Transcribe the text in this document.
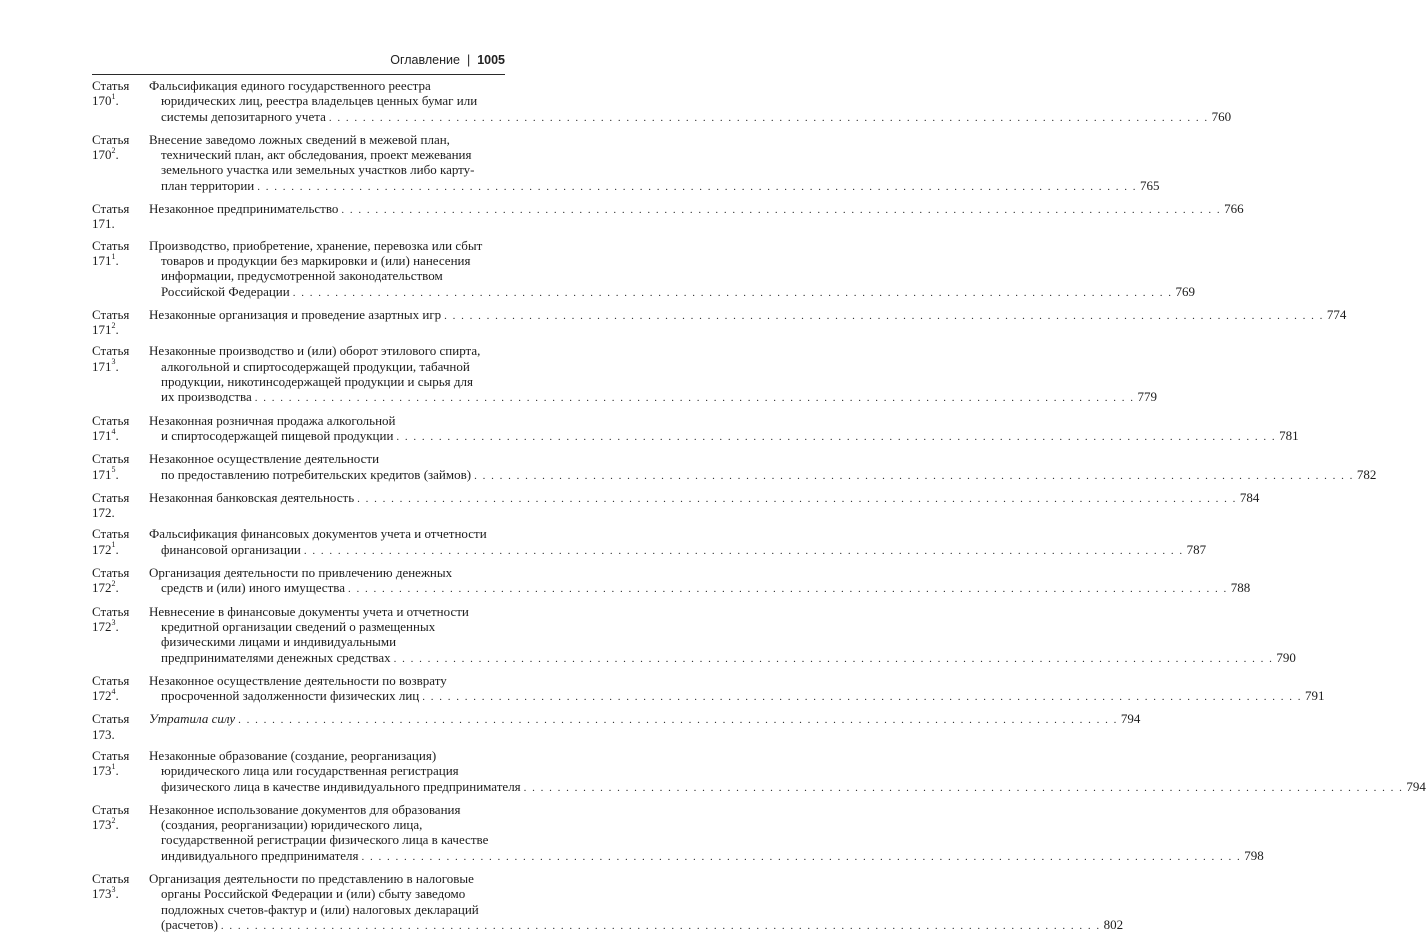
Оглавление | 1005
Статья $170^1$.
Фальсификация единого государственного реестра
юридических лиц, реестра владельцев ценных бумаг или
системы депозитарного учета . . .	760
Статья $170^2$.
Внесение заведомо ложных сведений в межевой план,
технический план, акт обследования, проект межевания
земельного участка или земельных участков либо карту-
план территории . . .	765
Статья 171.
Незаконное предпринимательство . . .	766
Статья $171^1$.
Производство, приобретение, хранение, перевозка или сбыт
товаров и продукции без маркировки и (или) нанесения
информации, предусмотренной законодательством
Российской Федерации . . .	769
Статья $171^2$.
Незаконные организация и проведение азартных игр . . .	774
Статья $171^3$.
Незаконные производство и (или) оборот этилового спирта,
алкогольной и спиртосодержащей продукции, табачной
продукции, никотинсодержащей продукции и сырья для
их производства . . .	779
Статья $171^4$.
Незаконная розничная продажа алкогольной
и спиртосодержащей пищевой продукции . . .	781
Статья $171^5$.
Незаконное осуществление деятельности
по предоставлению потребительских кредитов (займов) . . .	782
Статья 172.
Незаконная банковская деятельность . . .	784
Статья $172^1$.
Фальсификация финансовых документов учета и отчетности
финансовой организации . . .	787
Статья $172^2$.
Организация деятельности по привлечению денежных
средств и (или) иного имущества . . .	788
Статья $172^3$.
Невнесение в финансовые документы учета и отчетности
кредитной организации сведений о размещенных
физическими лицами и индивидуальными
предпринимателями денежных средствах . . .	790
Статья $172^4$.
Незаконное осуществление деятельности по возврату
просроченной задолженности физических лиц . . .	791
Статья 173.
Утратила силу . . .	794
Статья $173^1$.
Незаконные образование (создание, реорганизация)
юридического лица или государственная регистрация
физического лица в качестве индивидуального предпринимателя . . .	794
Статья $173^2$.
Незаконное использование документов для образования
(создания, реорганизации) юридического лица,
государственной регистрации физического лица в качестве
индивидуального предпринимателя . . .	798
Статья $173^3$.
Организация деятельности по представлению в налоговые
органы Российской Федерации и (или) сбыту заведомо
подложных счетов-фактур и (или) налоговых деклараций
(расчетов) . . .	802
